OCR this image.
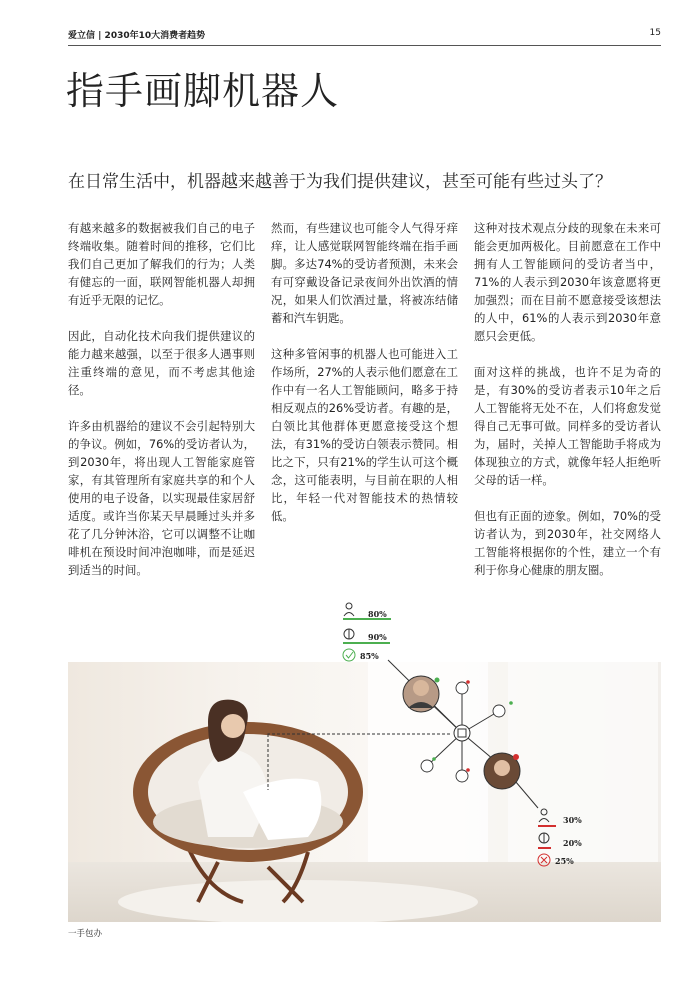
爱立信 | 2030年10大消费者趋势	15
指手画脚机器人
在日常生活中，机器越来越善于为我们提供建议，甚至可能有些过头了？

有越来越多的数据被我们自己的电子终端收集。随着时间的推移，它们比我们自己更加了解我们的行为；人类有健忘的一面，联网智能机器人却拥有近乎无限的记忆。

因此，自动化技术向我们提供建议的能力越来越强，以至于很多人遇事则注重终端的意见，而不考虑其他途径。

许多由机器给的建议不会引起特别大的争议。例如，76%的受访者认为，到2030年，将出现人工智能家庭管家，有其管理所有家庭共享的和个人使用的电子设备，以实现最佳家居舒适度。或许当你某天早晨睡过头并多花了几分钟沐浴，它可以调整不让咖啡机在预设时间冲泡咖啡，而是延迟到适当的时间。

然而，有些建议也可能令人气得牙痒痒，让人感觉联网智能终端在指手画脚。多达74%的受访者预测，未来会有可穿戴设备记录夜间外出饮酒的情况，如果人们饮酒过量，将被冻结储蓄和汽车钥匙。

这种多管闲事的机器人也可能进入工作场所，27%的人表示他们愿意在工作中有一名人工智能顾问，略多于持相反观点的26%受访者。有趣的是，白领比其他群体更愿意接受这个想法，有31%的受访白领表示赞同。相比之下，只有21%的学生认可这个概念，这可能表明，与目前在职的人相比，年轻一代对智能技术的热情较低。

这种对技术观点分歧的现象在未来可能会更加两极化。目前愿意在工作中拥有人工智能顾问的受访者当中，71%的人表示到2030年该意愿将更加强烈；而在目前不愿意接受该想法的人中，61%的人表示到2030年意愿只会更低。

面对这样的挑战，也许不足为奇的是，有30%的受访者表示10年之后人工智能将无处不在，人们将愈发觉得自己无事可做。同样多的受访者认为，届时，关掉人工智能助手将成为体现独立的方式，就像年轻人拒绝听父母的话一样。

但也有正面的迹象。例如，70%的受访者认为，到2030年，社交网络人工智能将根据你的个性，建立一个有利于你身心健康的朋友圈。

80%
90%
85%
30%
20%
25%
一手包办
